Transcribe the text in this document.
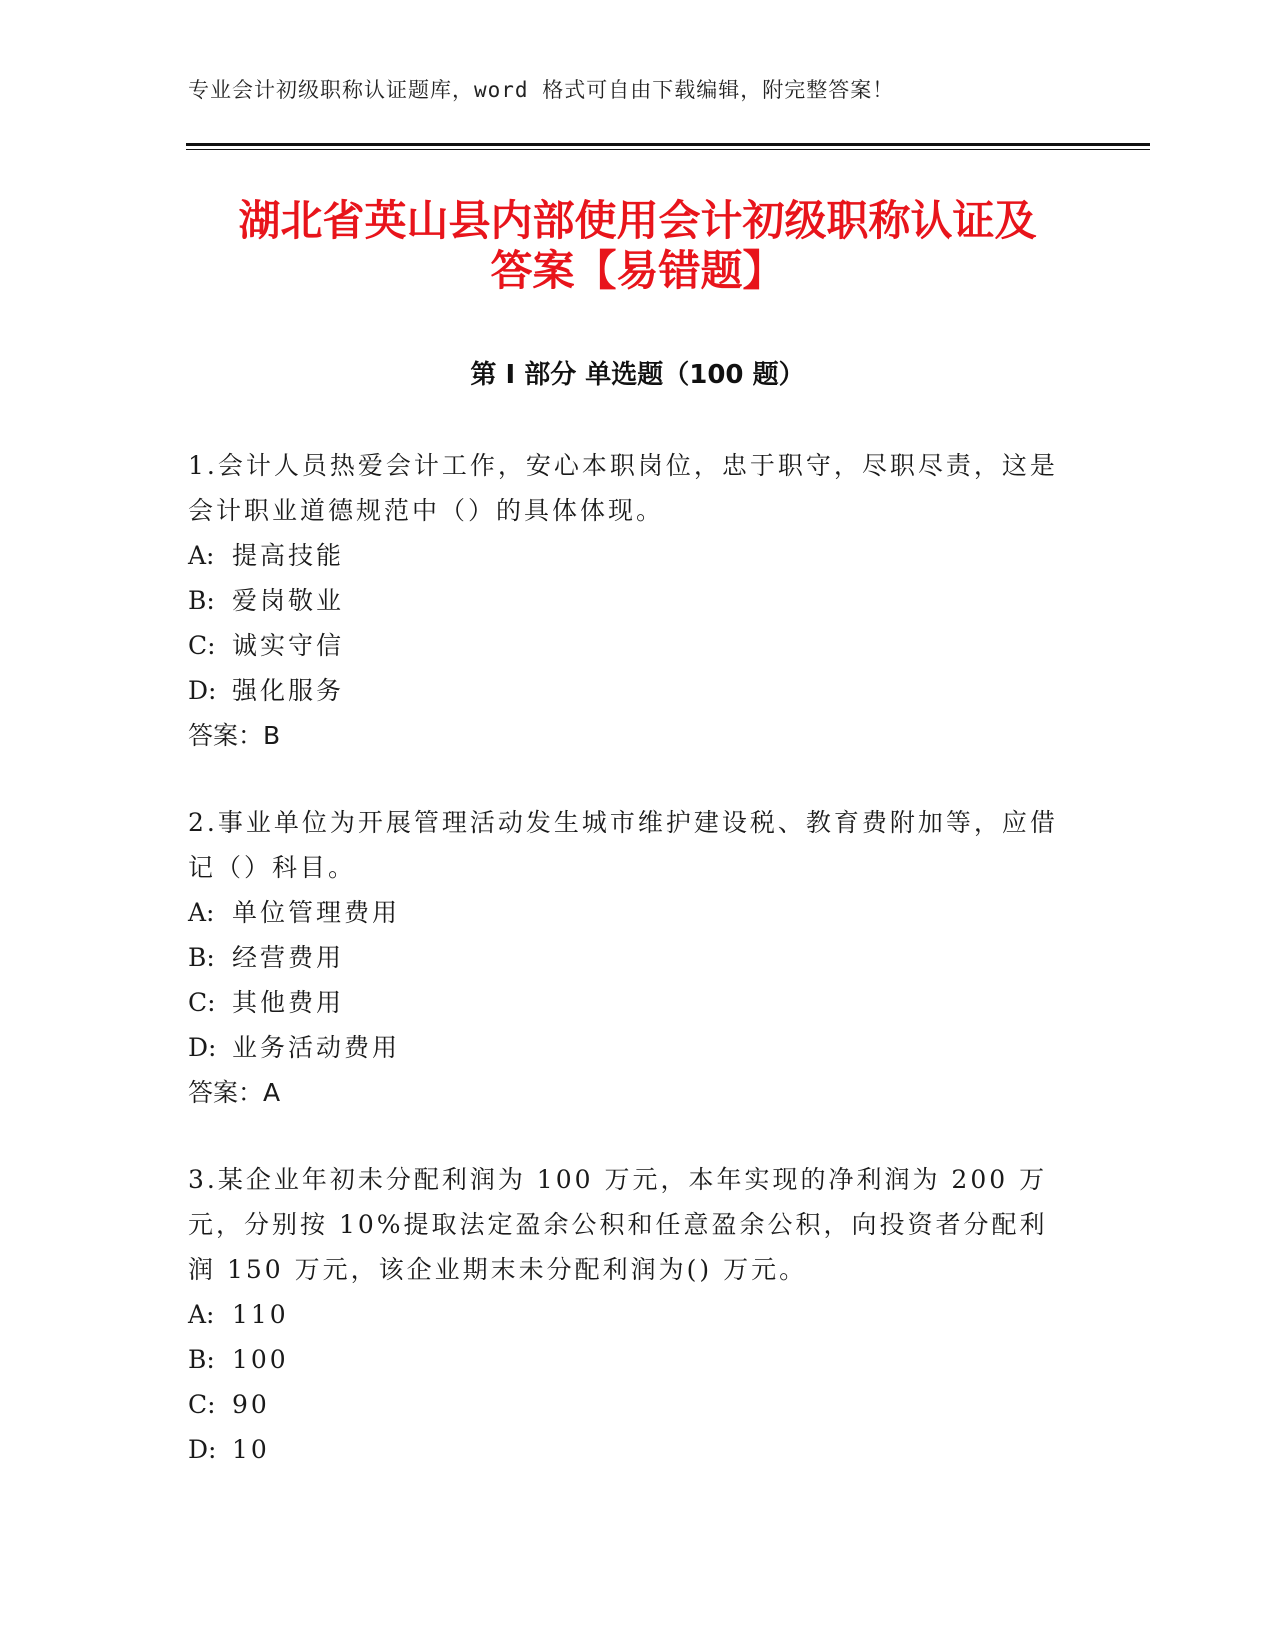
专业会计初级职称认证题库，word 格式可自由下载编辑，附完整答案！
湖北省英山县内部使用会计初级职称认证及
答案【易错题】
第 I 部分 单选题（100 题）

1.会计人员热爱会计工作，安心本职岗位，忠于职守，尽职尽责，这是会计职业道德规范中（）的具体体现。

A: 提高技能

B: 爱岗敬业

C: 诚实守信

D: 强化服务

答案：B

2.事业单位为开展管理活动发生城市维护建设税、教育费附加等，应借记（）科目。

A: 单位管理费用

B: 经营费用

C: 其他费用

D: 业务活动费用

答案：A

3.某企业年初未分配利润为 100 万元，本年实现的净利润为 200 万元，分别按 10%提取法定盈余公积和任意盈余公积，向投资者分配利润 150 万元，该企业期末未分配利润为() 万元。

A: 110

B: 100

C: 90

D: 10
